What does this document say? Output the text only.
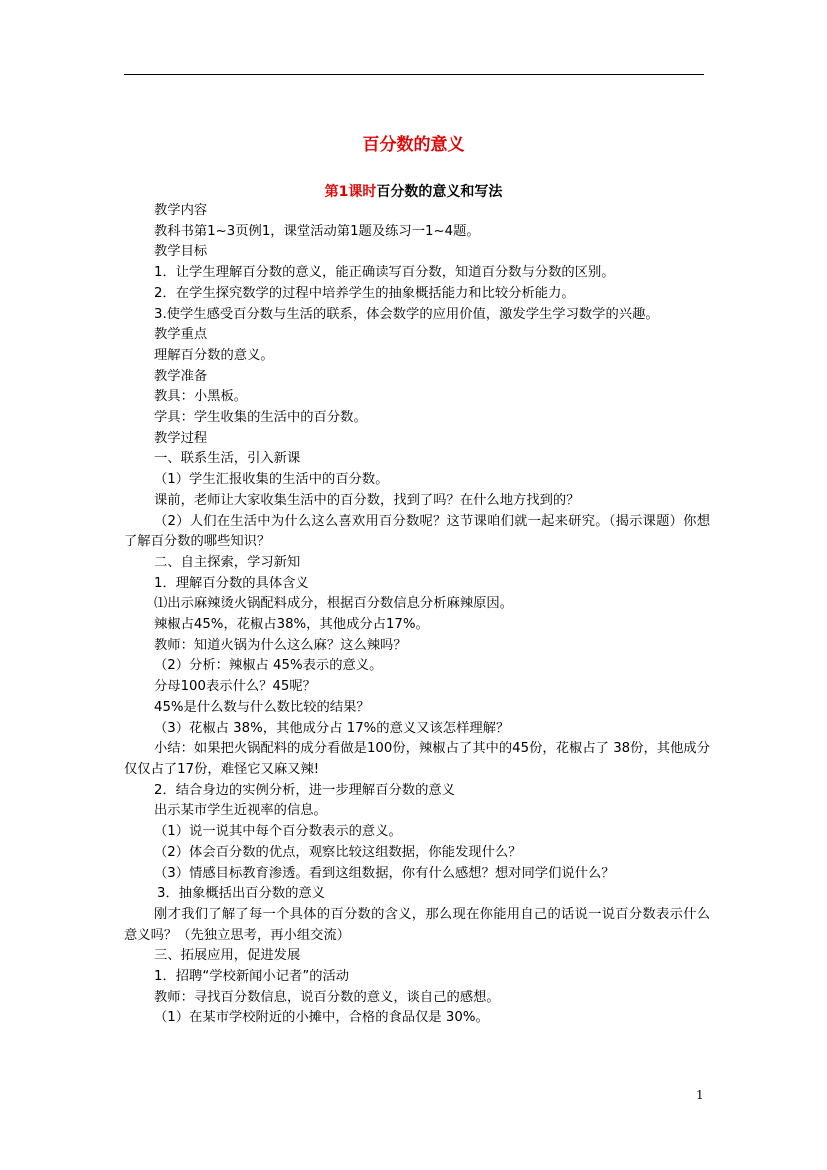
百分数的意义
第1课时百分数的意义和写法

教学内容

教科书第1~3页例1，课堂活动第1题及练习一1~4题。

教学目标

1．让学生理解百分数的意义，能正确读写百分数，知道百分数与分数的区别。

2．在学生探究数学的过程中培养学生的抽象概括能力和比较分析能力。

3.使学生感受百分数与生活的联系，体会数学的应用价值，激发学生学习数学的兴趣。

教学重点

理解百分数的意义。

教学准备

教具：小黑板。

学具：学生收集的生活中的百分数。

教学过程

一、联系生活，引入新课

（1）学生汇报收集的生活中的百分数。

课前，老师让大家收集生活中的百分数，找到了吗？在什么地方找到的？

（2）人们在生活中为什么这么喜欢用百分数呢？这节课咱们就一起来研究。（揭示课题）你想了解百分数的哪些知识？

二、自主探索，学习新知

1．理解百分数的具体含义

⑴出示麻辣烫火锅配料成分，根据百分数信息分析麻辣原因。

辣椒占45%，花椒占38%，其他成分占17%。

教师：知道火锅为什么这么麻？这么辣吗？

（2）分析：辣椒占 45%表示的意义。

分母100表示什么？45呢？

45%是什么数与什么数比较的结果？

（3）花椒占 38%，其他成分占 17%的意义又该怎样理解？

小结：如果把火锅配料的成分看做是100份，辣椒占了其中的45份，花椒占了 38份，其他成分仅仅占了17份，难怪它又麻又辣!

2．结合身边的实例分析，进一步理解百分数的意义

出示某市学生近视率的信息。

（1）说一说其中每个百分数表示的意义。

（2）体会百分数的优点，观察比较这组数据，你能发现什么？

（3）情感目标教育渗透。看到这组数据，你有什么感想？想对同学们说什么？

3．抽象概括出百分数的意义

刚才我们了解了每一个具体的百分数的含义，那么现在你能用自己的话说一说百分数表示什么意义吗？（先独立思考，再小组交流）

三、拓展应用，促进发展

1．招聘“学校新闻小记者”的活动

教师：寻找百分数信息，说百分数的意义，谈自己的感想。

（1）在某市学校附近的小摊中，合格的食品仅是 30%。

1
